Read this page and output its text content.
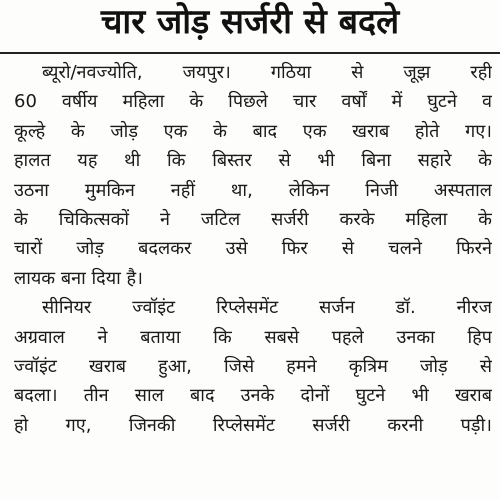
चार जोड़ सर्जरी से बदले
ब्यूरो/नवज्योति, जयपुर। गठिया से जूझ रही
60 वर्षीय महिला के पिछले चार वर्षों में घुटने व
कूल्हे के जोड़ एक के बाद एक खराब होते गए।
हालत यह थी कि बिस्तर से भी बिना सहारे के
उठना मुमकिन नहीं था, लेकिन निजी अस्पताल
के चिकित्सकों ने जटिल सर्जरी करके महिला के
चारों जोड़ बदलकर उसे फिर से चलने फिरने
लायक बना दिया है।
सीनियर ज्वॉइंट रिप्लेसमेंट सर्जन डॉ. नीरज
अग्रवाल ने बताया कि सबसे पहले उनका हिप
ज्वॉइंट खराब हुआ, जिसे हमने कृत्रिम जोड़ से
बदला। तीन साल बाद उनके दोनों घुटने भी खराब
हो गए, जिनकी रिप्लेसमेंट सर्जरी करनी पड़ी।
